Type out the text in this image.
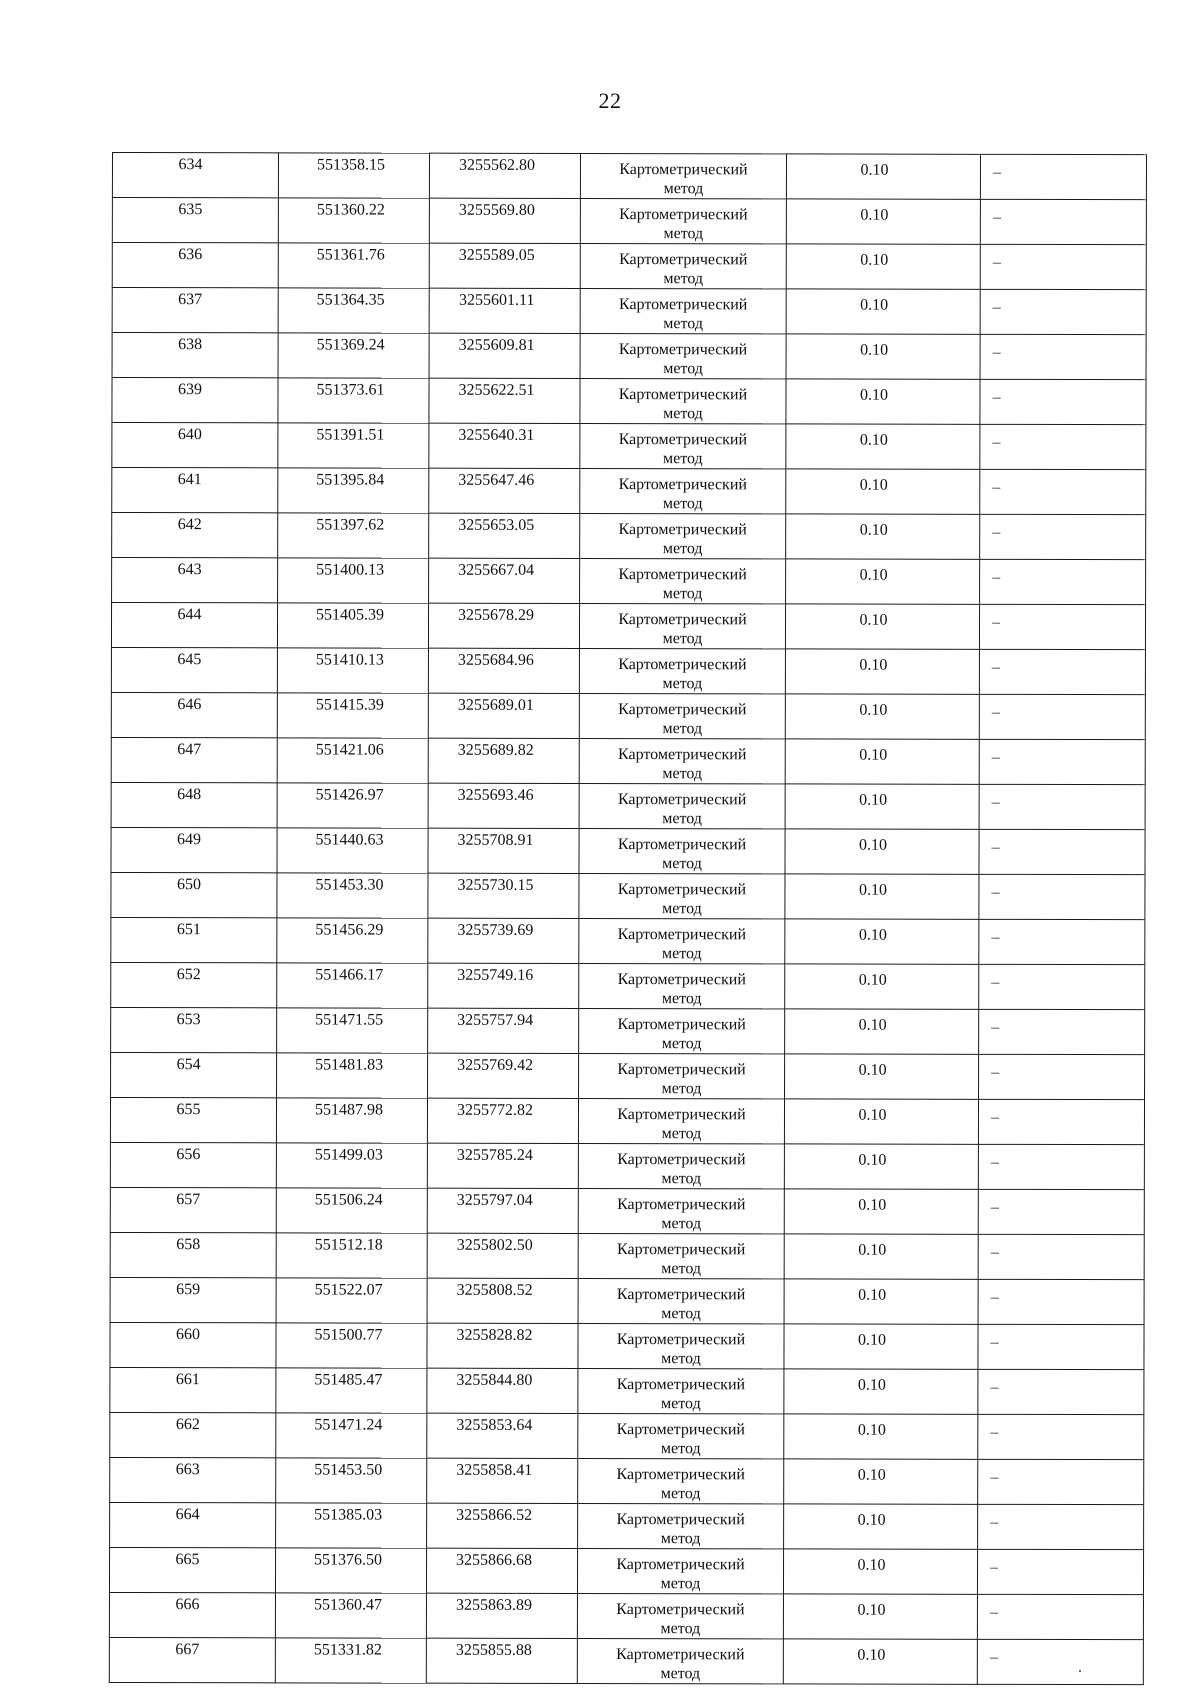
22
634	551358.15	3255562.80	Картометрический
метод	0.10	–

635	551360.22	3255569.80	Картометрический
метод	0.10	–

636	551361.76	3255589.05	Картометрический
метод	0.10	–

637	551364.35	3255601.11	Картометрический
метод	0.10	–

638	551369.24	3255609.81	Картометрический
метод	0.10	–

639	551373.61	3255622.51	Картометрический
метод	0.10	–

640	551391.51	3255640.31	Картометрический
метод	0.10	–

641	551395.84	3255647.46	Картометрический
метод	0.10	–

642	551397.62	3255653.05	Картометрический
метод	0.10	–

643	551400.13	3255667.04	Картометрический
метод	0.10	–

644	551405.39	3255678.29	Картометрический
метод	0.10	–

645	551410.13	3255684.96	Картометрический
метод	0.10	–

646	551415.39	3255689.01	Картометрический
метод	0.10	–

647	551421.06	3255689.82	Картометрический
метод	0.10	–

648	551426.97	3255693.46	Картометрический
метод	0.10	–

649	551440.63	3255708.91	Картометрический
метод	0.10	–

650	551453.30	3255730.15	Картометрический
метод	0.10	–

651	551456.29	3255739.69	Картометрический
метод	0.10	–

652	551466.17	3255749.16	Картометрический
метод	0.10	–

653	551471.55	3255757.94	Картометрический
метод	0.10	–

654	551481.83	3255769.42	Картометрический
метод	0.10	–

655	551487.98	3255772.82	Картометрический
метод	0.10	–

656	551499.03	3255785.24	Картометрический
метод	0.10	–

657	551506.24	3255797.04	Картометрический
метод	0.10	–

658	551512.18	3255802.50	Картометрический
метод	0.10	–

659	551522.07	3255808.52	Картометрический
метод	0.10	–

660	551500.77	3255828.82	Картометрический
метод	0.10	–

661	551485.47	3255844.80	Картометрический
метод	0.10	–

662	551471.24	3255853.64	Картометрический
метод	0.10	–

663	551453.50	3255858.41	Картометрический
метод	0.10	–

664	551385.03	3255866.52	Картометрический
метод	0.10	–

665	551376.50	3255866.68	Картометрический
метод	0.10	–

666	551360.47	3255863.89	Картометрический
метод	0.10	–

667	551331.82	3255855.88	Картометрический
метод	0.10	–
